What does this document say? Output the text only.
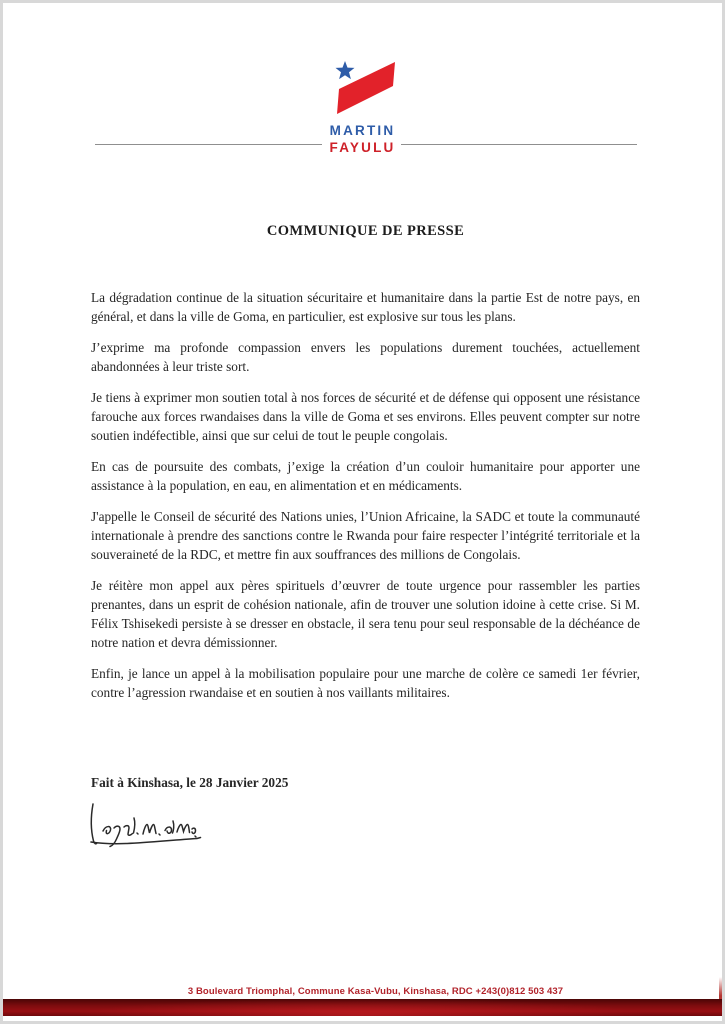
MARTIN
FAYULU
COMMUNIQUE DE PRESSE

La dégradation continue de la situation sécuritaire et humanitaire dans la partie Est de notre pays, en général, et dans la ville de Goma, en particulier, est explosive sur tous les plans.

J’exprime ma profonde compassion envers les populations durement touchées, actuellement abandonnées à leur triste sort.

Je tiens à exprimer mon soutien total à nos forces de sécurité et de défense qui opposent une résistance farouche aux forces rwandaises dans la ville de Goma et ses environs. Elles peuvent compter sur notre soutien indéfectible, ainsi que sur celui de tout le peuple congolais.

En cas de poursuite des combats, j’exige la création d’un couloir humanitaire pour apporter une assistance à la population, en eau, en alimentation et en médicaments.

J'appelle le Conseil de sécurité des Nations unies, l’Union Africaine, la SADC et toute la communauté internationale à prendre des sanctions contre le Rwanda pour faire respecter l’intégrité territoriale et la souveraineté de la RDC, et mettre fin aux souffrances des millions de Congolais.

Je réitère mon appel aux pères spirituels d’œuvrer de toute urgence pour rassembler les parties prenantes, dans un esprit de cohésion nationale, afin de trouver une solution idoine à cette crise. Si M. Félix Tshisekedi persiste à se dresser en obstacle, il sera tenu pour seul responsable de la déchéance de notre nation et devra démissionner.

Enfin, je lance un appel à la mobilisation populaire pour une marche de colère ce samedi 1er février, contre l’agression rwandaise et en soutien à nos vaillants militaires.

Fait à Kinshasa, le 28 Janvier 2025

3 Boulevard Triomphal, Commune Kasa-Vubu, Kinshasa, RDC +243(0)812 503 437
